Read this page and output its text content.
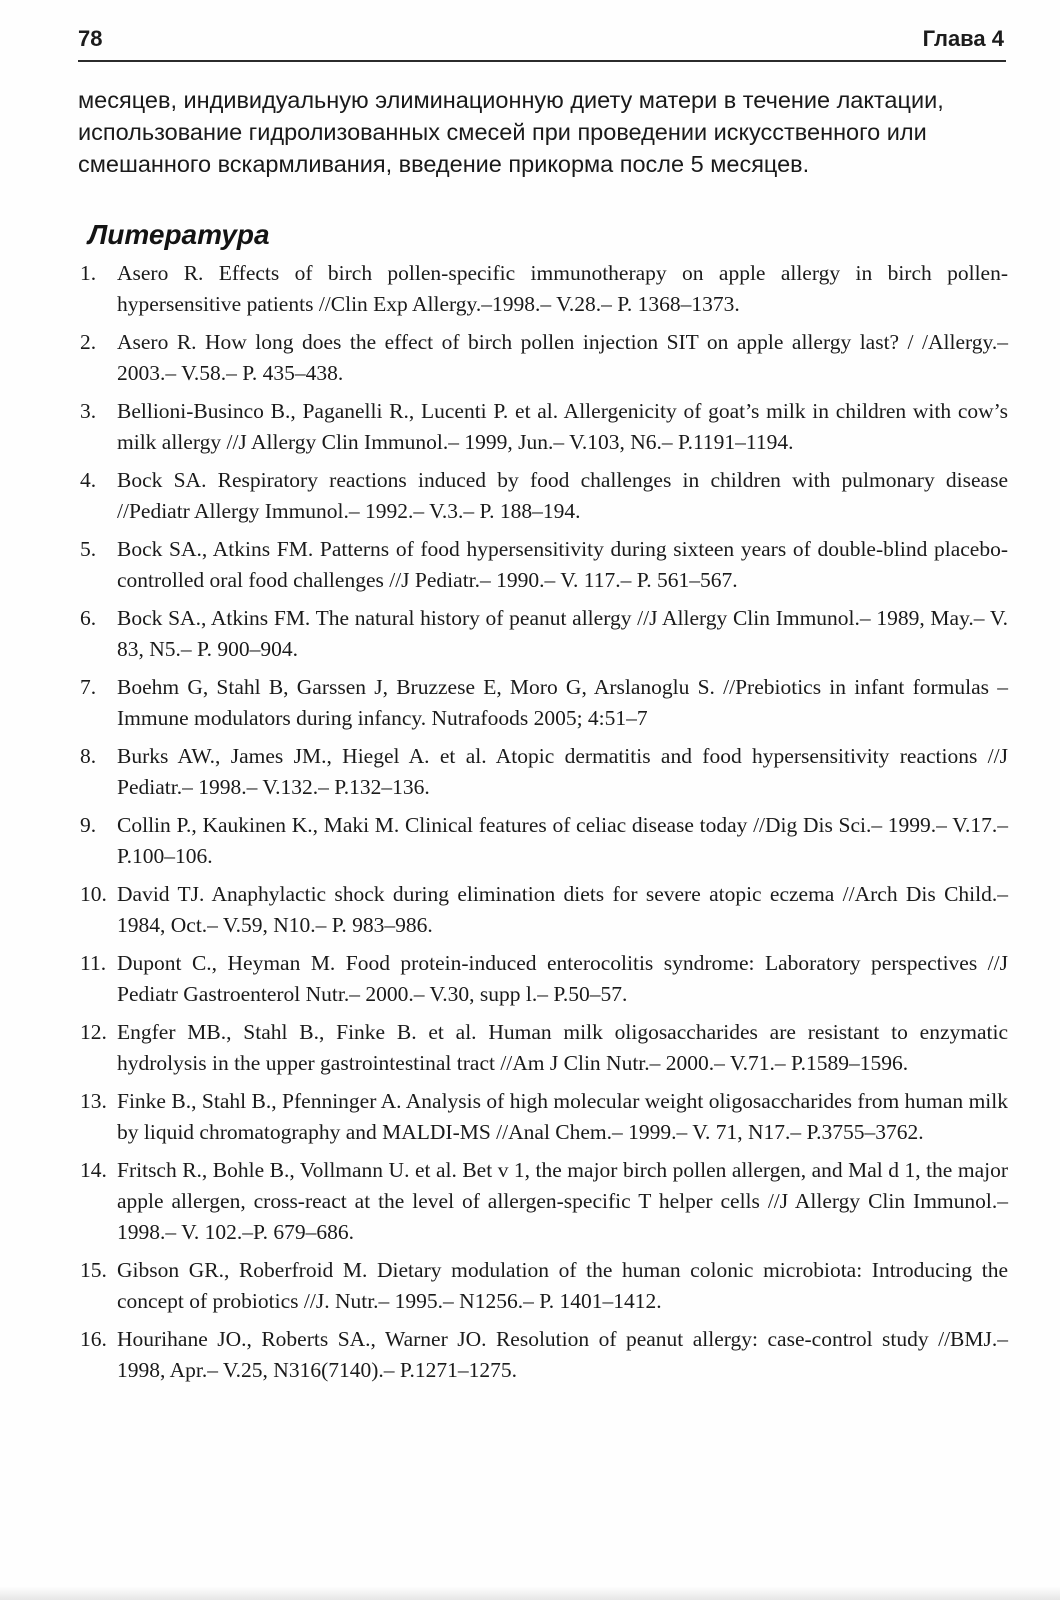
78	Глава 4

месяцев, индивидуальную элиминационную диету матери в течение лактации, использование гидролизованных смесей при проведении искусственного или смешанного вскармливания, введение прикорма после 5 месяцев.

Литература
1. Asero R. Effects of birch pollen-specific immunotherapy on apple allergy in birch pollen-hypersensitive patients //Clin Exp Allergy.–1998.– V.28.– P. 1368–1373.
2. Asero R. How long does the effect of birch pollen injection SIT on apple allergy last? / /Allergy.– 2003.– V.58.– P. 435–438.
3. Bellioni-Businco B., Paganelli R., Lucenti P. et al. Allergenicity of goat’s milk in children with cow’s milk allergy //J Allergy Clin Immunol.– 1999, Jun.– V.103, N6.– P.1191–1194.
4. Bock SA. Respiratory reactions induced by food challenges in children with pulmonary disease //Pediatr Allergy Immunol.– 1992.– V.3.– P. 188–194.
5. Bock SA., Atkins FM. Patterns of food hypersensitivity during sixteen years of double-blind placebo-controlled oral food challenges //J Pediatr.– 1990.– V. 117.– P. 561–567.
6. Bock SA., Atkins FM. The natural history of peanut allergy //J Allergy Clin Immunol.– 1989, May.– V. 83, N5.– P. 900–904.
7. Boehm G, Stahl B, Garssen J, Bruzzese E, Moro G, Arslanoglu S. //Prebiotics in infant formulas – Immune modulators during infancy. Nutrafoods 2005; 4:51–7
8. Burks AW., James JM., Hiegel A. et al. Atopic dermatitis and food hypersensitivity reactions //J Pediatr.– 1998.– V.132.– P.132–136.
9. Collin P., Kaukinen K., Maki M. Clinical features of celiac disease today //Dig Dis Sci.– 1999.– V.17.– P.100–106.
10. David TJ. Anaphylactic shock during elimination diets for severe atopic eczema //Arch Dis Child.– 1984, Oct.– V.59, N10.– P. 983–986.
11. Dupont C., Heyman M. Food protein-induced enterocolitis syndrome: Laboratory perspectives //J Pediatr Gastroenterol Nutr.– 2000.– V.30, supp l.– P.50–57.
12. Engfer MB., Stahl B., Finke B. et al. Human milk oligosaccharides are resistant to enzymatic hydrolysis in the upper gastrointestinal tract //Am J Clin Nutr.– 2000.– V.71.– P.1589–1596.
13. Finke B., Stahl B., Pfenninger A. Analysis of high molecular weight oligosaccharides from human milk by liquid chromatography and MALDI-MS //Anal Chem.– 1999.– V. 71, N17.– P.3755–3762.
14. Fritsch R., Bohle B., Vollmann U. et al. Bet v 1, the major birch pollen allergen, and Mal d 1, the major apple allergen, cross-react at the level of allergen-specific T helper cells //J Allergy Clin Immunol.– 1998.– V. 102.–P. 679–686.
15. Gibson GR., Roberfroid M. Dietary modulation of the human colonic microbiota: Introducing the concept of probiotics //J. Nutr.– 1995.– N1256.– P. 1401–1412.
16. Hourihane JO., Roberts SA., Warner JO. Resolution of peanut allergy: case-control study //BMJ.– 1998, Apr.– V.25, N316(7140).– P.1271–1275.
